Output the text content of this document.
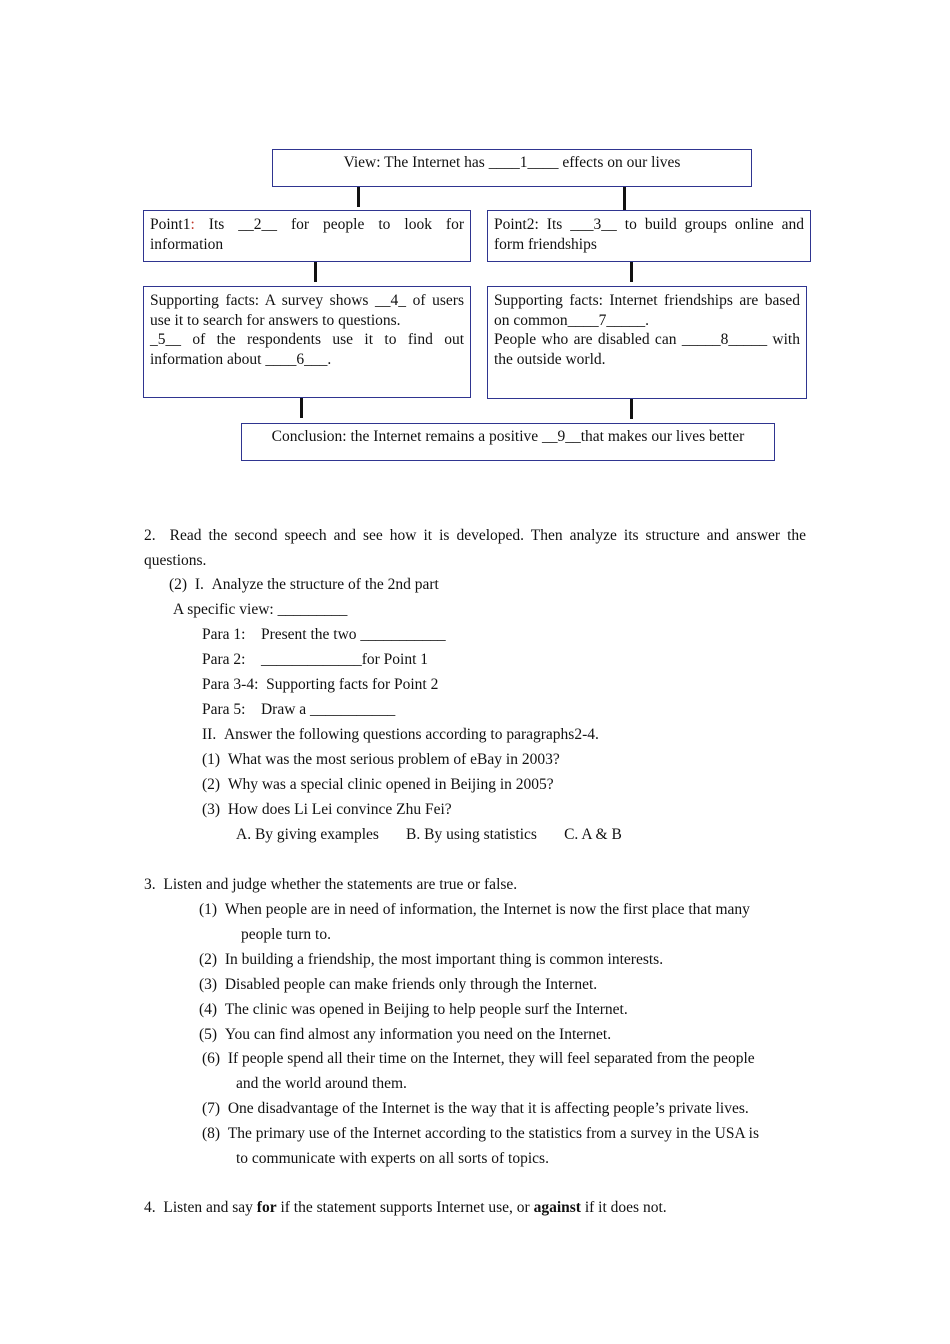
View: The Internet has ____1____ effects on our lives
Point1: Its __2__ for people to look for information
Point2: Its ___3__ to build groups online and form friendships
Supporting facts: A survey shows __4_ of users use it to search for answers to questions.
_5__ of the respondents use it to find out information about ____6___.
Supporting facts: Internet friendships are based on common____7_____.
People who are disabled can _____8_____ with the outside world.
Conclusion: the Internet remains a positive __9__that makes our lives better
2.  Read the second speech and see how it is developed. Then analyze its structure and answer the questions.
(2)  I.  Analyze the structure of the 2nd part
A specific view: _________
Para 1:    Present the two ___________
Para 2:    _____________for Point 1
Para 3-4:  Supporting facts for Point 2
Para 5:    Draw a ___________
II.  Answer the following questions according to paragraphs2-4.
(1)  What was the most serious problem of eBay in 2003?
(2)  Why was a special clinic opened in Beijing in 2005?
(3)  How does Li Lei convince Zhu Fei?
A. By giving examples       B. By using statistics       C. A & B
3.  Listen and judge whether the statements are true or false.
(1)  When people are in need of information, the Internet is now the first place that many
people turn to.
(2)  In building a friendship, the most important thing is common interests.
(3)  Disabled people can make friends only through the Internet.
(4)  The clinic was opened in Beijing to help people surf the Internet.
(5)  You can find almost any information you need on the Internet.
(6)  If people spend all their time on the Internet, they will feel separated from the people
and the world around them.
(7)  One disadvantage of the Internet is the way that it is affecting people’s private lives.
(8)  The primary use of the Internet according to the statistics from a survey in the USA is
to communicate with experts on all sorts of topics.
4.  Listen and say for if the statement supports Internet use, or against if it does not.
